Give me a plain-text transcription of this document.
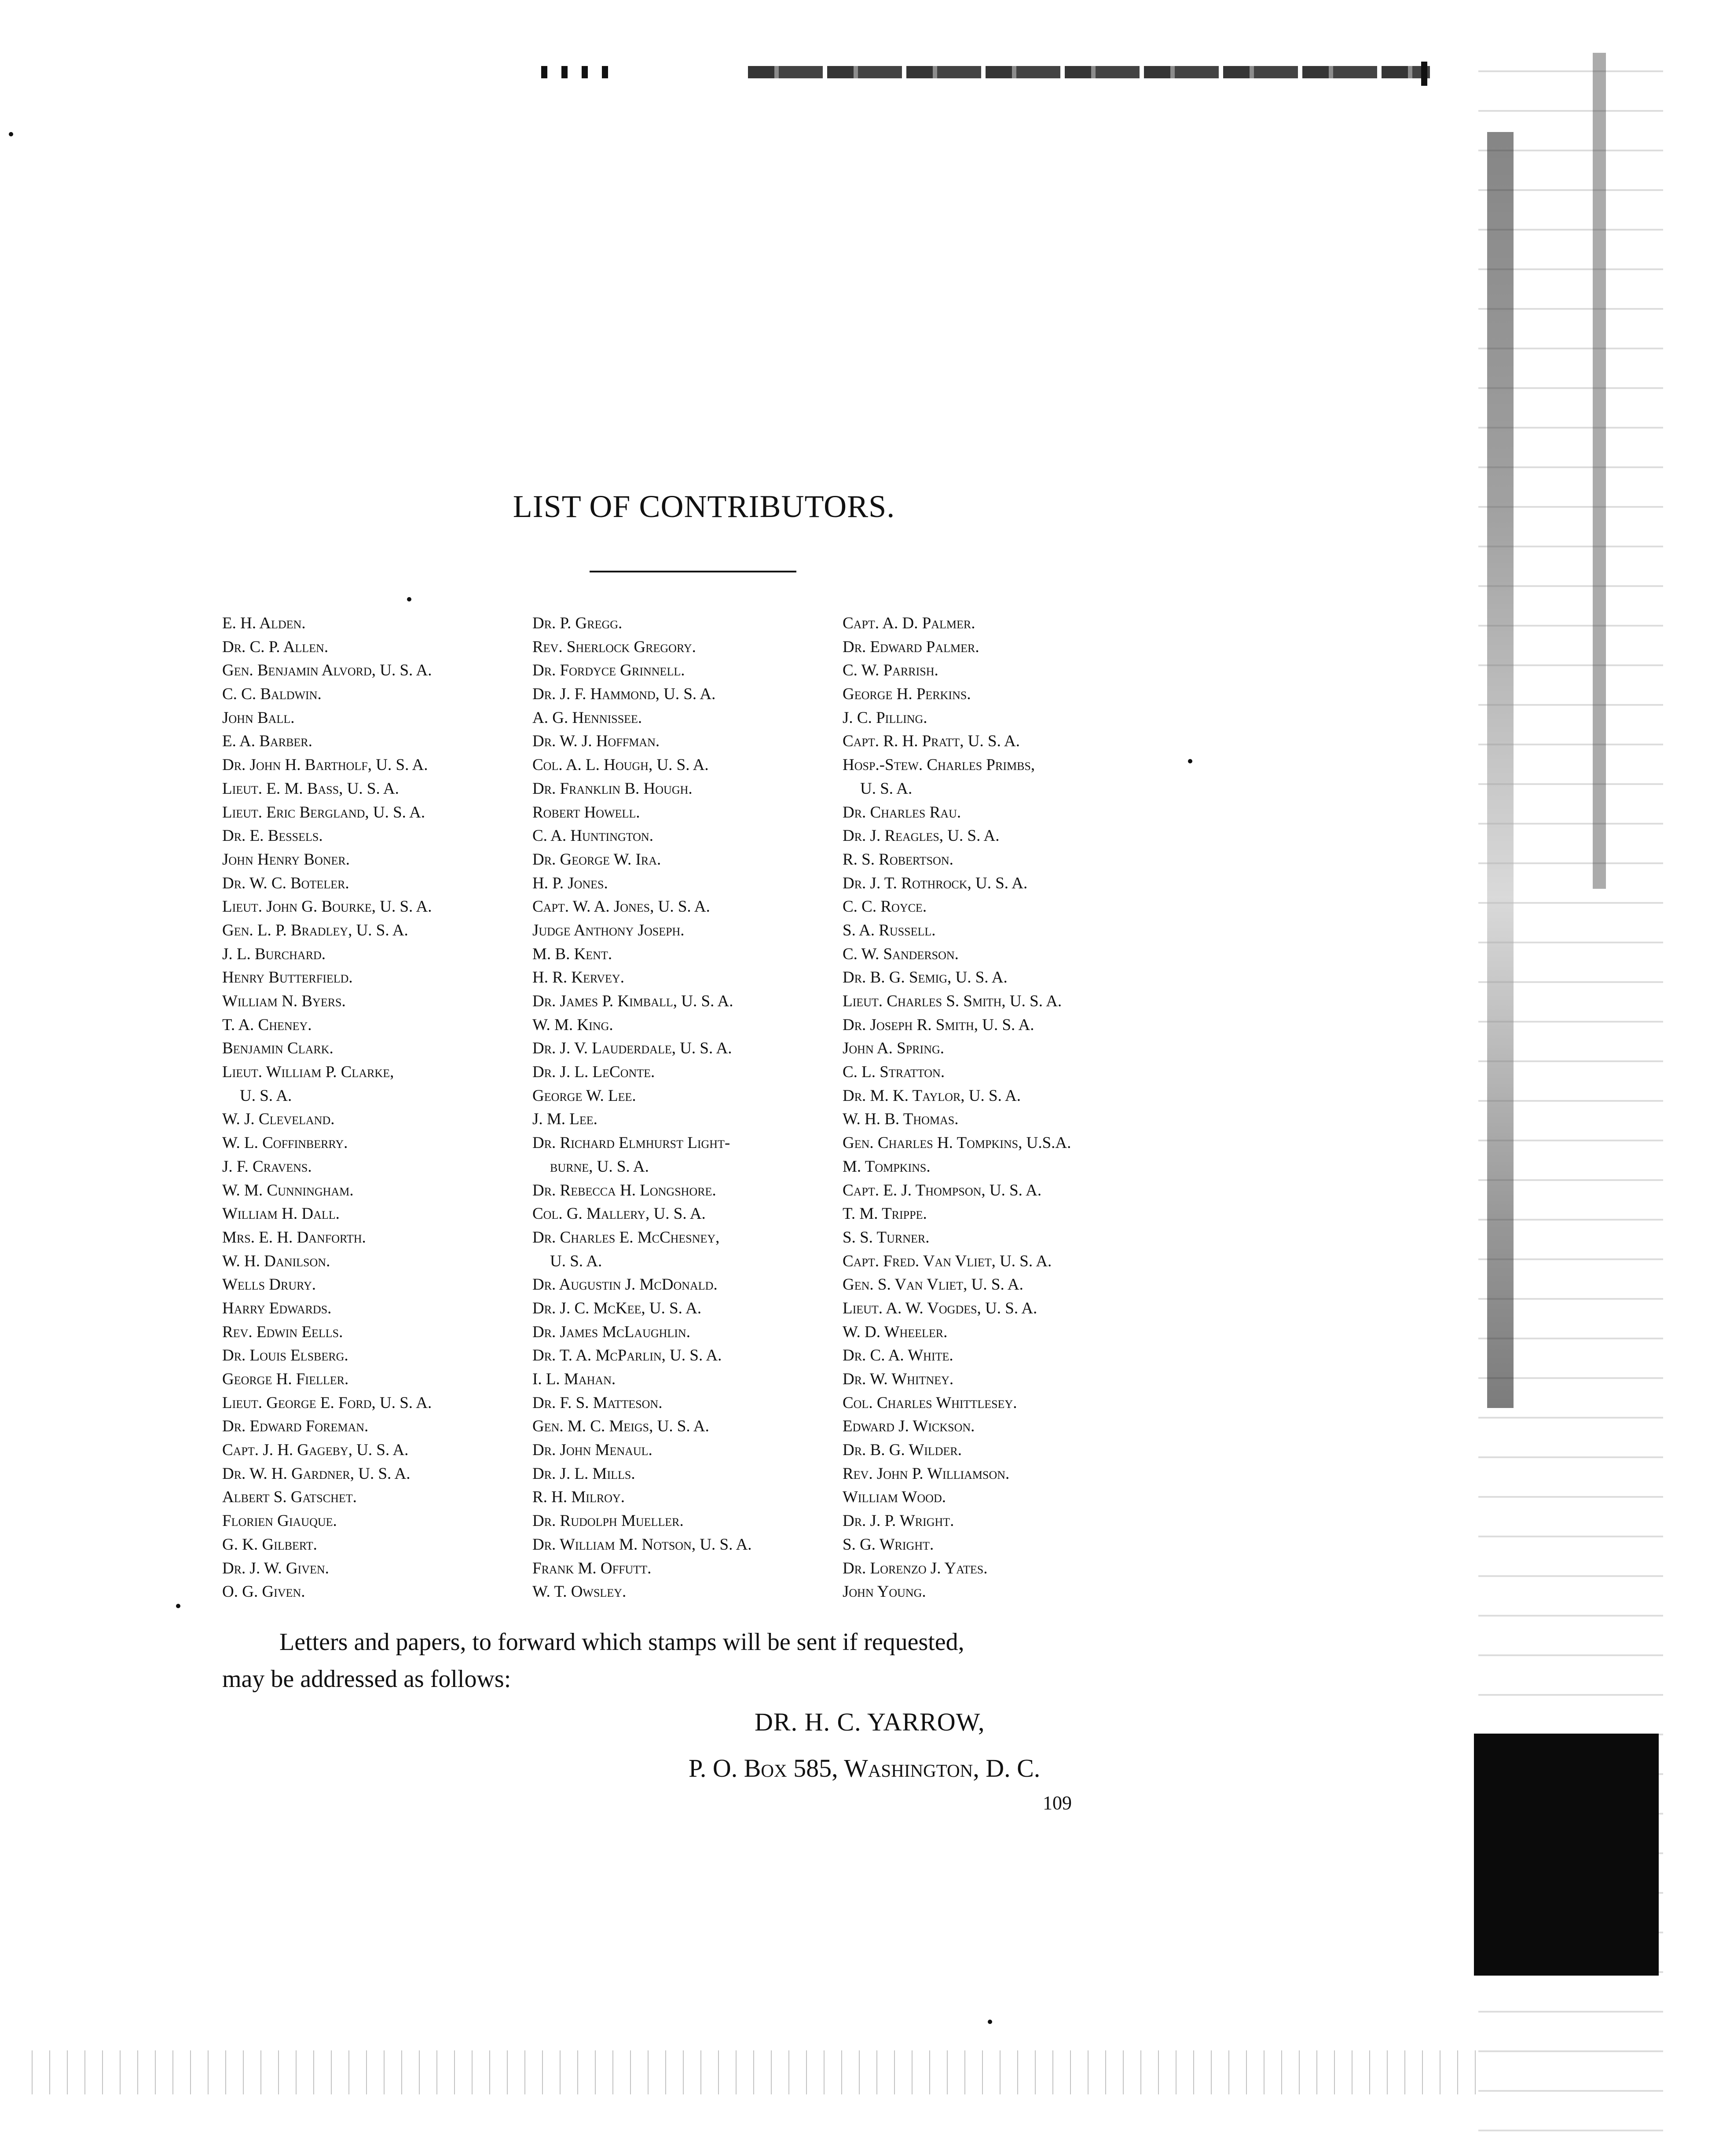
LIST OF CONTRIBUTORS.
E. H. Alden.
Dr. C. P. Allen.
Gen. Benjamin Alvord, U. S. A.
C. C. Baldwin.
John Ball.
E. A. Barber.
Dr. John H. Bartholf, U. S. A.
Lieut. E. M. Bass, U. S. A.
Lieut. Eric Bergland, U. S. A.
Dr. E. Bessels.
John Henry Boner.
Dr. W. C. Boteler.
Lieut. John G. Bourke, U. S. A.
Gen. L. P. Bradley, U. S. A.
J. L. Burchard.
Henry Butterfield.
William N. Byers.
T. A. Cheney.
Benjamin Clark.
Lieut. William P. Clarke,
U. S. A.
W. J. Cleveland.
W. L. Coffinberry.
J. F. Cravens.
W. M. Cunningham.
William H. Dall.
Mrs. E. H. Danforth.
W. H. Danilson.
Wells Drury.
Harry Edwards.
Rev. Edwin Eells.
Dr. Louis Elsberg.
George H. Fieller.
Lieut. George E. Ford, U. S. A.
Dr. Edward Foreman.
Capt. J. H. Gageby, U. S. A.
Dr. W. H. Gardner, U. S. A.
Albert S. Gatschet.
Florien Giauque.
G. K. Gilbert.
Dr. J. W. Given.
O. G. Given.
Dr. P. Gregg.
Rev. Sherlock Gregory.
Dr. Fordyce Grinnell.
Dr. J. F. Hammond, U. S. A.
A. G. Hennissee.
Dr. W. J. Hoffman.
Col. A. L. Hough, U. S. A.
Dr. Franklin B. Hough.
Robert Howell.
C. A. Huntington.
Dr. George W. Ira.
H. P. Jones.
Capt. W. A. Jones, U. S. A.
Judge Anthony Joseph.
M. B. Kent.
H. R. Kervey.
Dr. James P. Kimball, U. S. A.
W. M. King.
Dr. J. V. Lauderdale, U. S. A.
Dr. J. L. LeConte.
George W. Lee.
J. M. Lee.
Dr. Richard Elmhurst Light-
burne, U. S. A.
Dr. Rebecca H. Longshore.
Col. G. Mallery, U. S. A.
Dr. Charles E. McChesney,
U. S. A.
Dr. Augustin J. McDonald.
Dr. J. C. McKee, U. S. A.
Dr. James McLaughlin.
Dr. T. A. McParlin, U. S. A.
I. L. Mahan.
Dr. F. S. Matteson.
Gen. M. C. Meigs, U. S. A.
Dr. John Menaul.
Dr. J. L. Mills.
R. H. Milroy.
Dr. Rudolph Mueller.
Dr. William M. Notson, U. S. A.
Frank M. Offutt.
W. T. Owsley.
Capt. A. D. Palmer.
Dr. Edward Palmer.
C. W. Parrish.
George H. Perkins.
J. C. Pilling.
Capt. R. H. Pratt, U. S. A.
Hosp.-Stew. Charles Primbs,
U. S. A.
Dr. Charles Rau.
Dr. J. Reagles, U. S. A.
R. S. Robertson.
Dr. J. T. Rothrock, U. S. A.
C. C. Royce.
S. A. Russell.
C. W. Sanderson.
Dr. B. G. Semig, U. S. A.
Lieut. Charles S. Smith, U. S. A.
Dr. Joseph R. Smith, U. S. A.
John A. Spring.
C. L. Stratton.
Dr. M. K. Taylor, U. S. A.
W. H. B. Thomas.
Gen. Charles H. Tompkins, U.S.A.
M. Tompkins.
Capt. E. J. Thompson, U. S. A.
T. M. Trippe.
S. S. Turner.
Capt. Fred. Van Vliet, U. S. A.
Gen. S. Van Vliet, U. S. A.
Lieut. A. W. Vogdes, U. S. A.
W. D. Wheeler.
Dr. C. A. White.
Dr. W. Whitney.
Col. Charles Whittlesey.
Edward J. Wickson.
Dr. B. G. Wilder.
Rev. John P. Williamson.
William Wood.
Dr. J. P. Wright.
S. G. Wright.
Dr. Lorenzo J. Yates.
John Young.
Letters and papers, to forward which stamps will be sent if requested,
may be addressed as follows:
DR. H. C. YARROW,
P. O. Box 585, Washington, D. C.
109
